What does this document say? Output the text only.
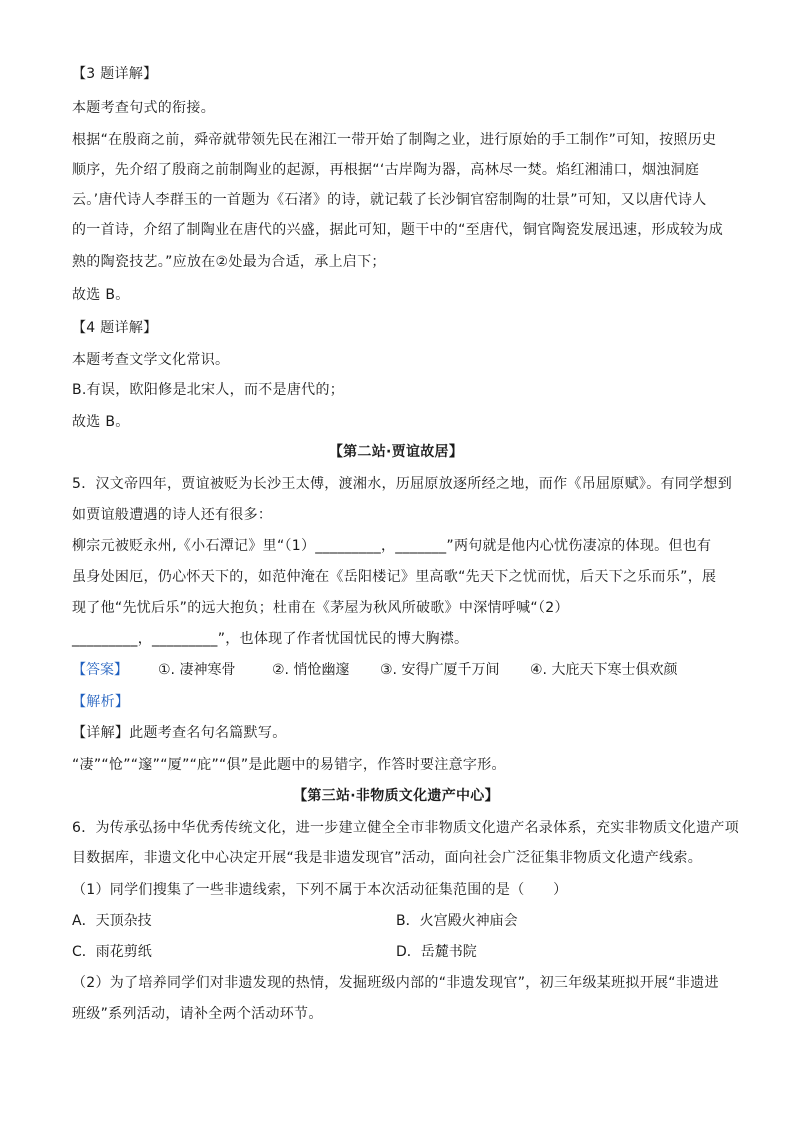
【3 题详解】
本题考查句式的衔接。
根据“在殷商之前，舜帝就带领先民在湘江一带开始了制陶之业，进行原始的手工制作”可知，按照历史
顺序，先介绍了殷商之前制陶业的起源，再根据“‘古岸陶为器，高林尽一焚。焰红湘浦口，烟浊洞庭
云。’唐代诗人李群玉的一首题为《石渚》的诗，就记载了长沙铜官窑制陶的壮景”可知，又以唐代诗人
的一首诗，介绍了制陶业在唐代的兴盛，据此可知，题干中的“至唐代，铜官陶瓷发展迅速，形成较为成
熟的陶瓷技艺。”应放在②处最为合适，承上启下；
故选 B。
【4 题详解】
本题考查文学文化常识。
B.有误，欧阳修是北宋人，而不是唐代的；
故选 B。
【第二站·贾谊故居】
5．汉文帝四年，贾谊被贬为长沙王太傅，渡湘水，历屈原放逐所经之地，而作《吊屈原赋》。有同学想到
如贾谊般遭遇的诗人还有很多：
柳宗元被贬永州,《小石潭记》里“（1）_________，_______”两句就是他内心忧伤凄凉的体现。但也有
虽身处困厄，仍心怀天下的，如范仲淹在《岳阳楼记》里高歌“先天下之忧而忧，后天下之乐而乐”，展
现了他“先忧后乐”的远大抱负；杜甫在《茅屋为秋风所破歌》中深情呼喊“（2）
_________，_________”，也体现了作者忧国忧民的博大胸襟。
【答案】 ①. 凄神寒骨	②. 悄怆幽邃 ③. 安得广厦千万间 ④. 大庇天下寒士俱欢颜
【解析】
【详解】此题考查名句名篇默写。
“凄”“怆”“邃”“厦”“庇”“俱”是此题中的易错字，作答时要注意字形。
【第三站·非物质文化遗产中心】
6．为传承弘扬中华优秀传统文化，进一步建立健全全市非物质文化遗产名录体系，充实非物质文化遗产项
目数据库，非遗文化中心决定开展“我是非遗发现官”活动，面向社会广泛征集非物质文化遗产线索。
（1）同学们搜集了一些非遗线索，下列不属于本次活动征集范围的是（　　）
A．天顶杂技	B．火宫殿火神庙会
C．雨花剪纸	D．岳麓书院
（2）为了培养同学们对非遗发现的热情，发掘班级内部的“非遗发现官”，初三年级某班拟开展“非遗进
班级”系列活动，请补全两个活动环节。
